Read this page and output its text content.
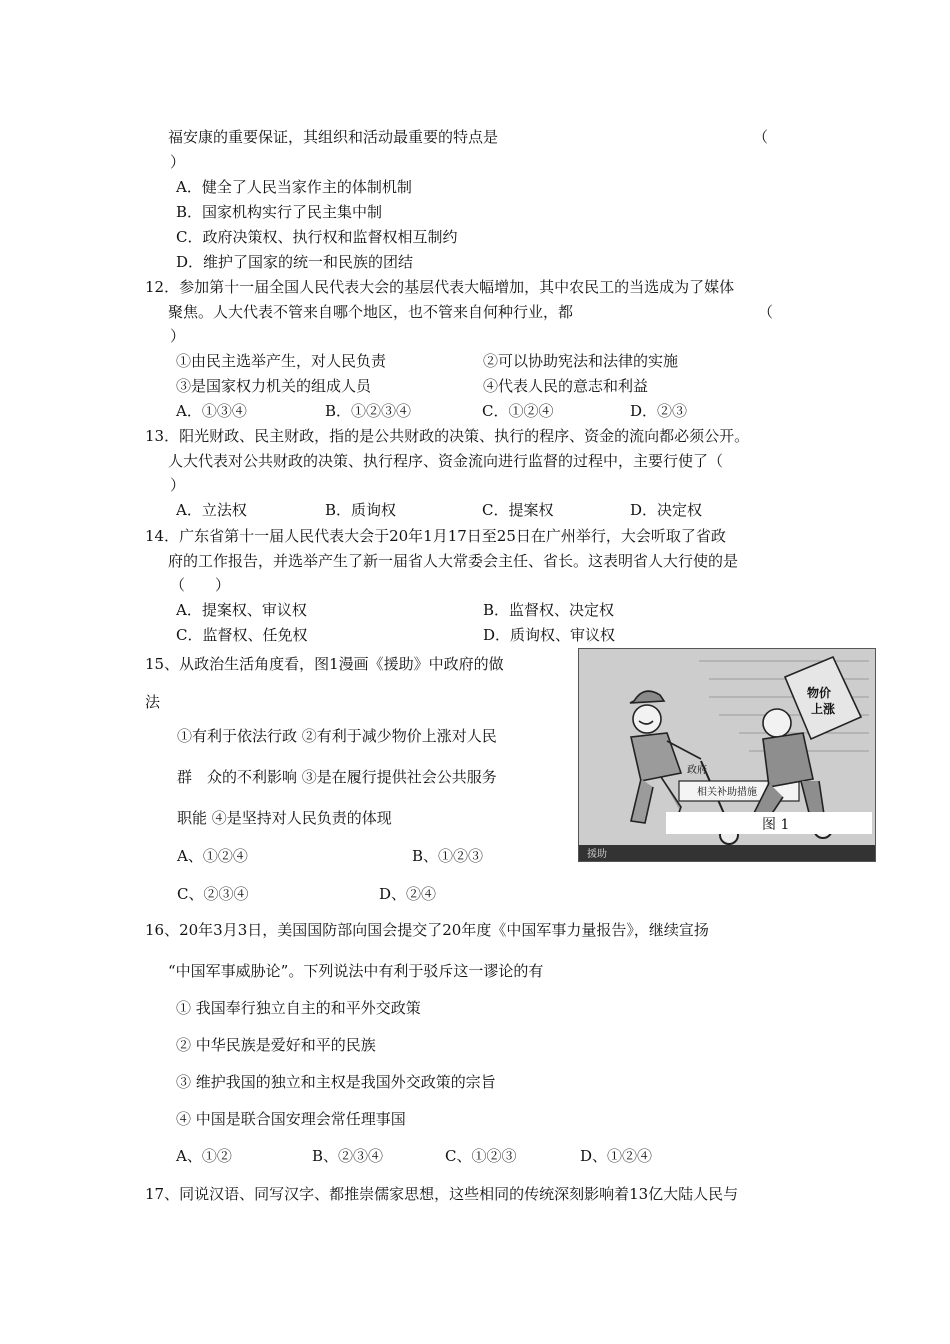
福安康的重要保证，其组织和活动最重要的特点是	（
）
A．健全了人民当家作主的体制机制
B．国家机构实行了民主集中制
C．政府决策权、执行权和监督权相互制约
D．维护了国家的统一和民族的团结
12．参加第十一届全国人民代表大会的基层代表大幅增加，其中农民工的当选成为了媒体
聚焦。人大代表不管来自哪个地区，也不管来自何种行业，都	（
）
①由民主选举产生，对人民负责	②可以协助宪法和法律的实施
③是国家权力机关的组成人员	④代表人民的意志和利益
A．①③④	B．①②③④	C．①②④	D．②③
13．阳光财政、民主财政，指的是公共财政的决策、执行的程序、资金的流向都必须公开。
人大代表对公共财政的决策、执行程序、资金流向进行监督的过程中，主要行使了（
）
A．立法权	B．质询权	C．提案权	D．决定权
14．广东省第十一届人民代表大会于20年1月17日至25日在广州举行，大会听取了省政
府的工作报告，并选举产生了新一届省人大常委会主任、省长。这表明省人大行使的是
（　　）
A．提案权、审议权	B．监督权、决定权
C．监督权、任免权	D．质询权、审议权
15、从政治生活角度看，图1漫画《援助》中政府的做
法
①有利于依法行政 ②有利于减少物价上涨对人民
群　众的不利影响 ③是在履行提供社会公共服务
职能 ④是坚持对人民负责的体现
A、①②④	B、①②③
C、②③④	D、②④
政府
相关补助措施
物价
上涨
援助
图 1
16、20年3月3日，美国国防部向国会提交了20年度《中国军事力量报告》，继续宣扬
“中国军事威胁论”。下列说法中有利于驳斥这一谬论的有
① 我国奉行独立自主的和平外交政策
② 中华民族是爱好和平的民族
③ 维护我国的独立和主权是我国外交政策的宗旨
④ 中国是联合国安理会常任理事国
A、①②	B、②③④	C、①②③	D、①②④
17、同说汉语、同写汉字、都推崇儒家思想，这些相同的传统深刻影响着13亿大陆人民与
